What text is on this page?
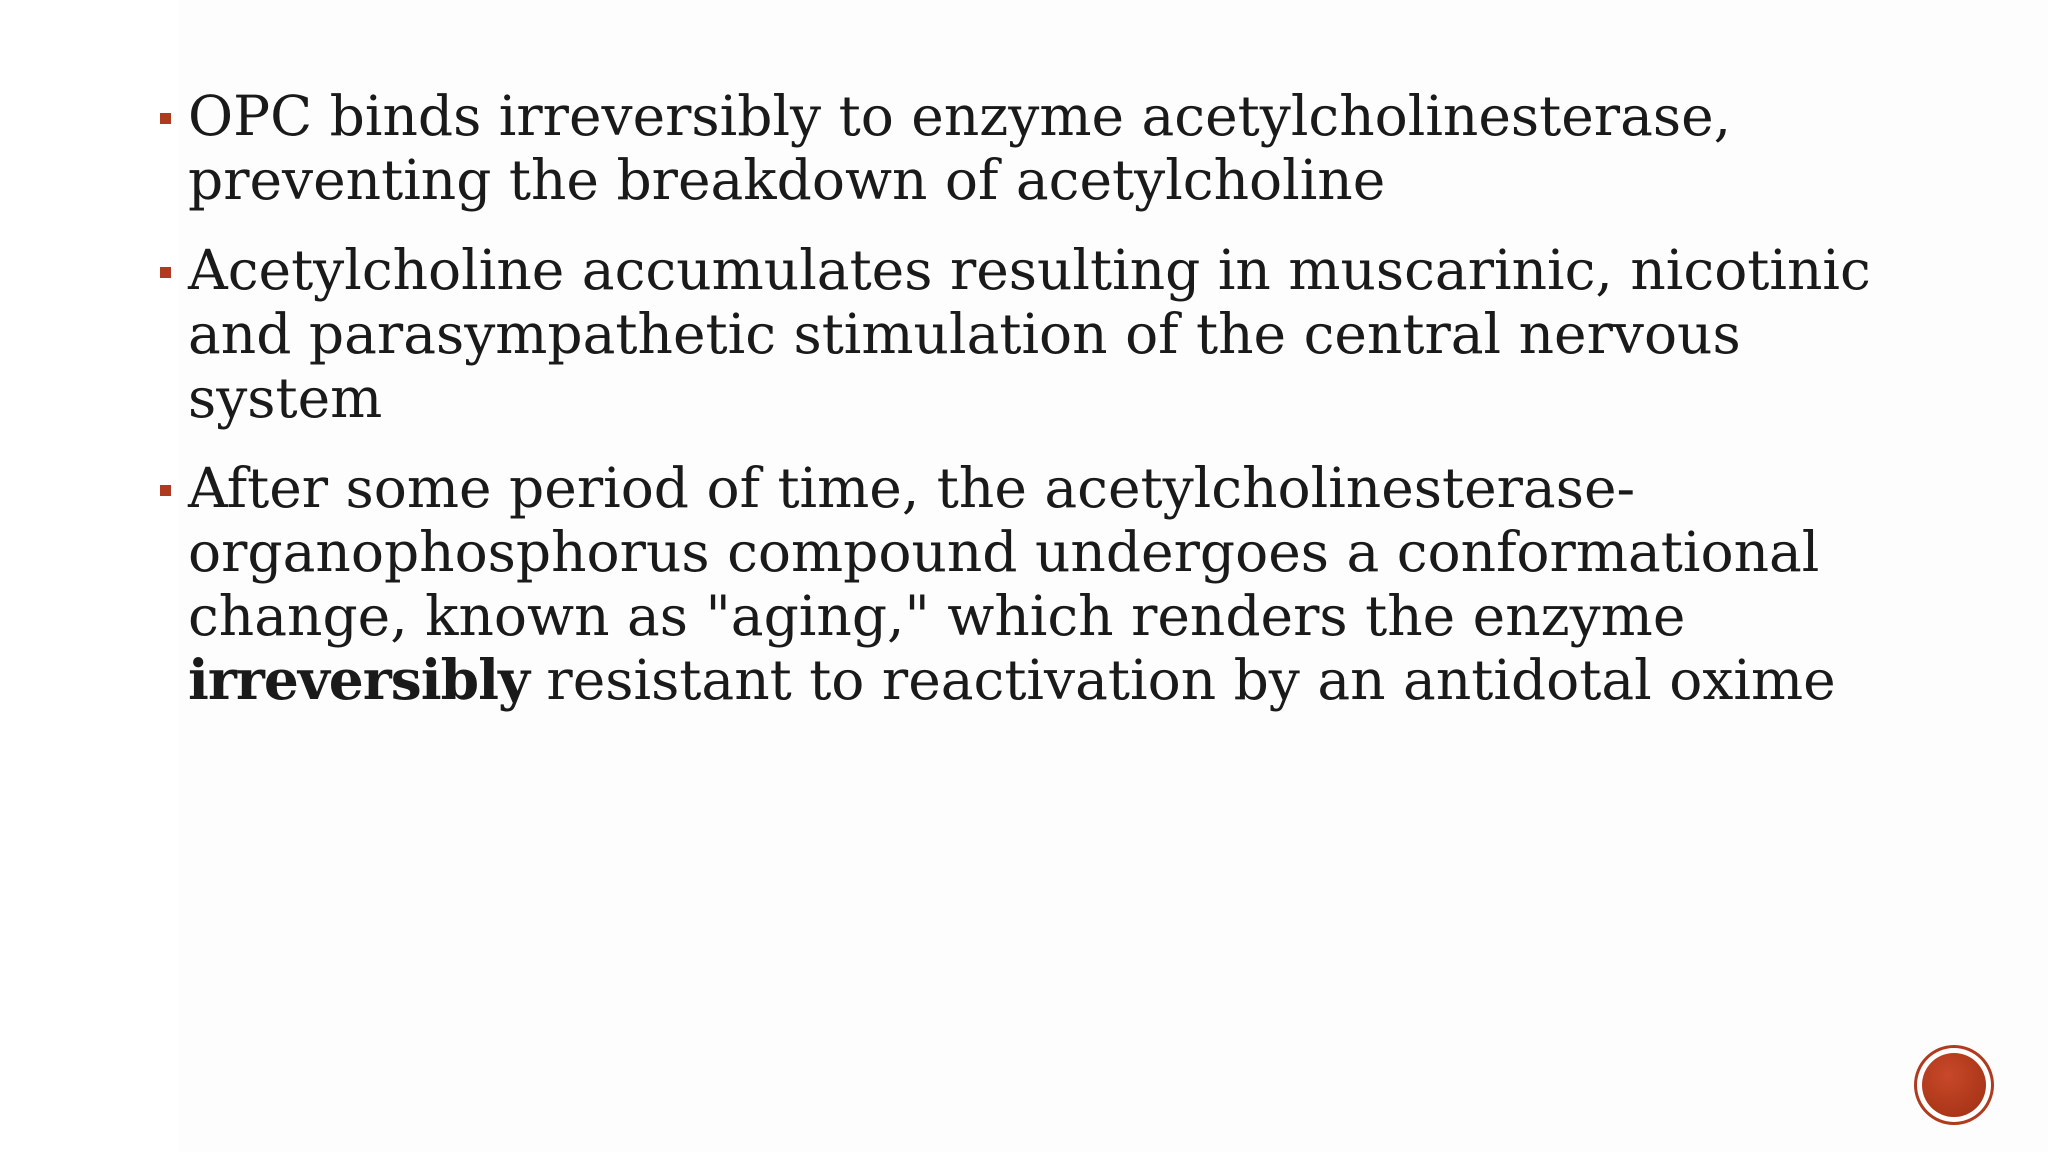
OPC binds irreversibly to enzyme acetylcholinesterase, preventing the breakdown of acetylcholine
Acetylcholine accumulates resulting in muscarinic, nicotinic and parasympathetic stimulation of the central nervous system
After some period of time, the acetylcholinesterase-organophosphorus compound undergoes a conformational change, known as "aging," which renders the enzyme irreversibly resistant to reactivation by an antidotal oxime
